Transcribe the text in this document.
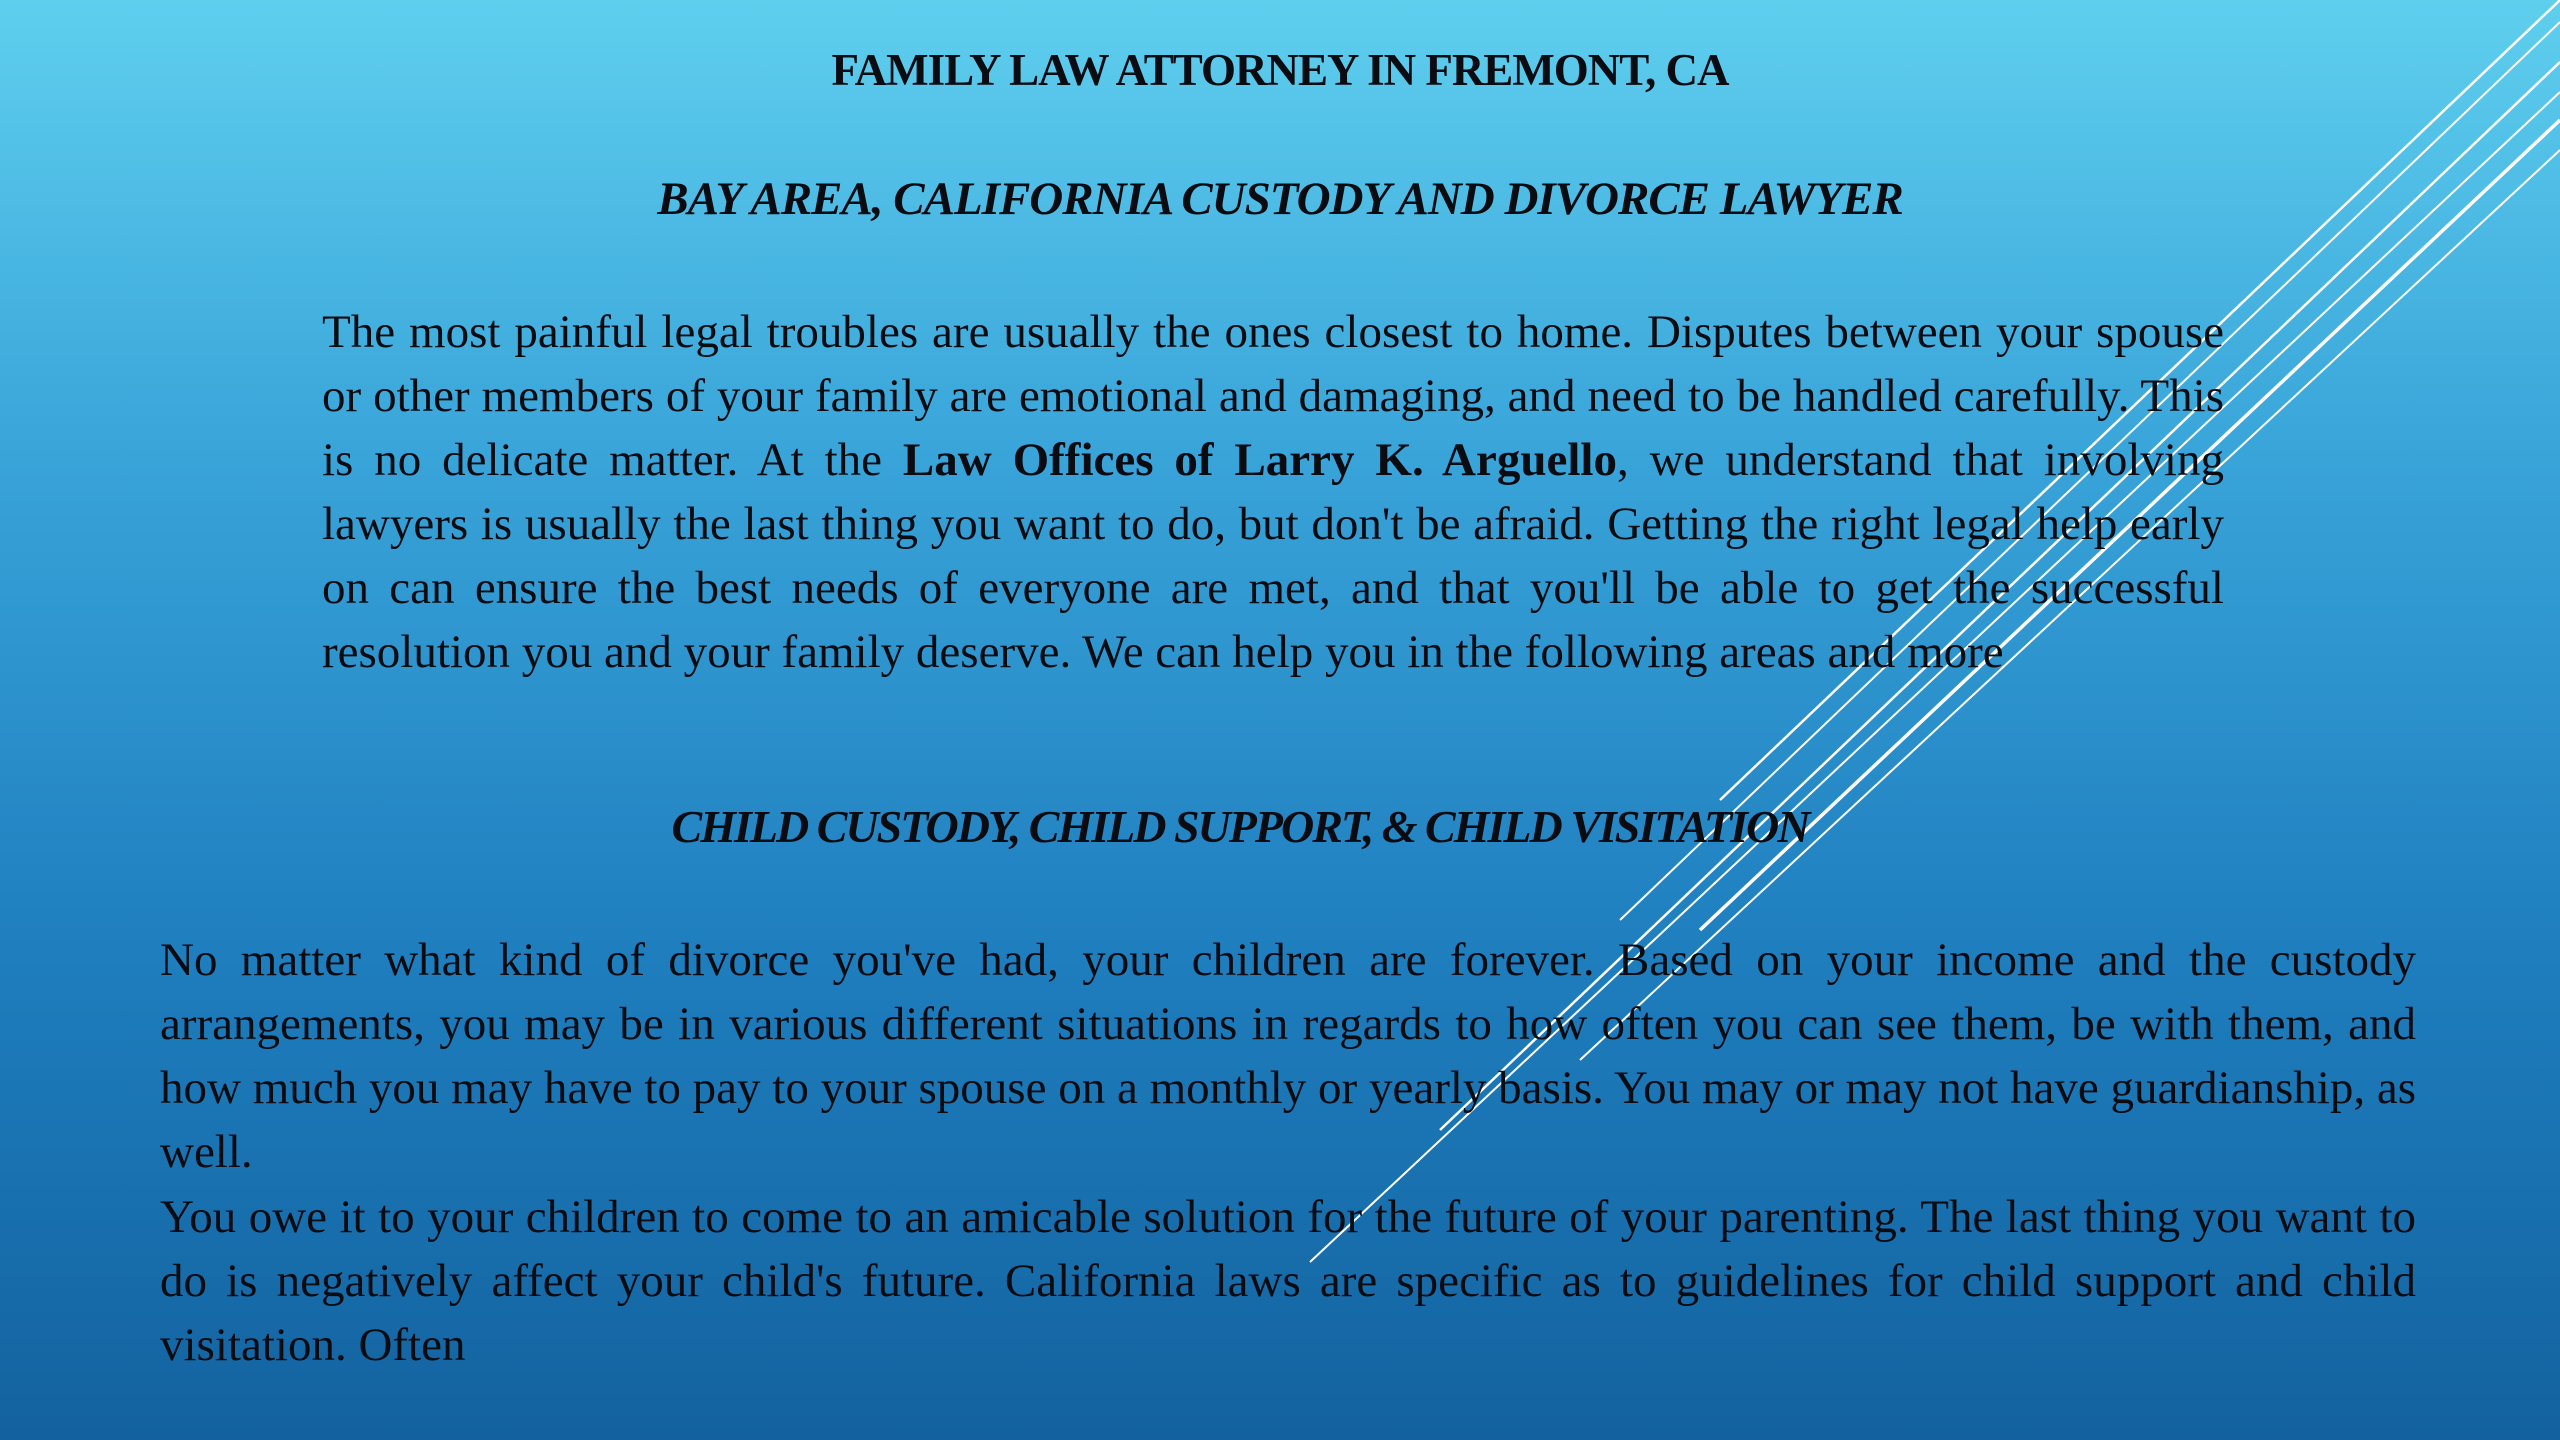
FAMILY LAW ATTORNEY IN FREMONT, CA
BAY AREA, CALIFORNIA CUSTODY AND DIVORCE LAWYER

The most painful legal troubles are usually the ones closest to home. Disputes between your spouse or other members of your family are emotional and damaging, and need to be handled carefully. This is no delicate matter. At the Law Offices of Larry K. Arguello, we understand that involving lawyers is usually the last thing you want to do, but don't be afraid. Getting the right legal help early on can ensure the best needs of everyone are met, and that you'll be able to get the successful resolution you and your family deserve. We can help you in the following areas and more

CHILD CUSTODY, CHILD SUPPORT, & CHILD VISITATION

No matter what kind of divorce you've had, your children are forever. Based on your income and the custody arrangements, you may be in various different situations in regards to how often you can see them, be with them, and how much you may have to pay to your spouse on a monthly or yearly basis. You may or may not have guardianship, as well.

You owe it to your children to come to an amicable solution for the future of your parenting. The last thing you want to do is negatively affect your child's future. California laws are specific as to guidelines for child support and child visitation. Often
